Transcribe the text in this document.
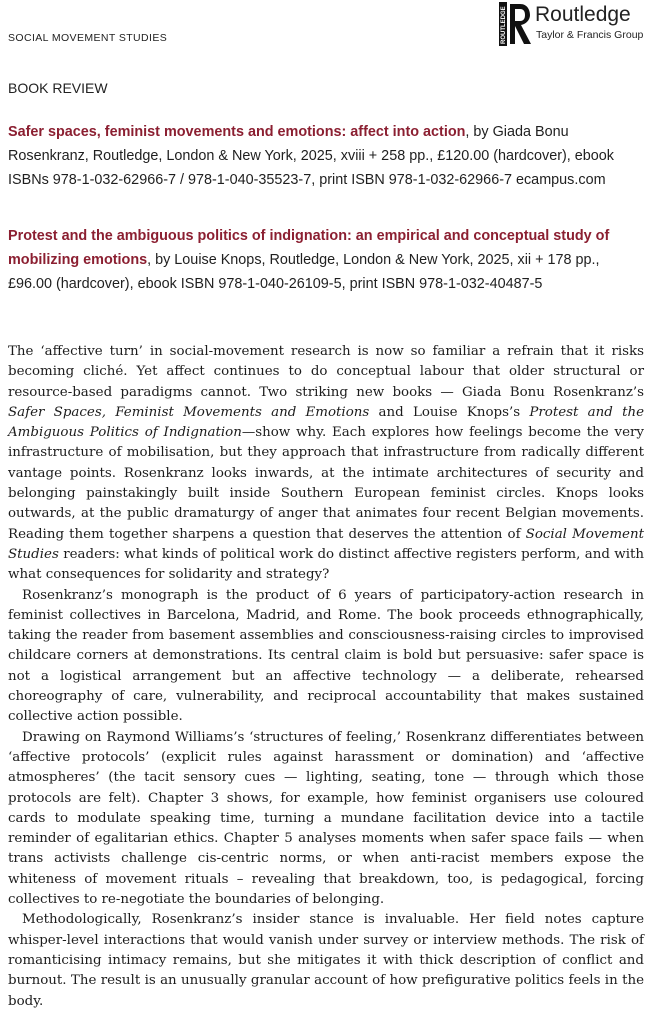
SOCIAL MOVEMENT STUDIES	ROUTLEDGE Routledge
Taylor & Francis Group
BOOK REVIEW
Safer spaces, feminist movements and emotions: affect into action, by Giada Bonu Rosenkranz, Routledge, London & New York, 2025, xviii + 258 pp., £120.00 (hardcover), ebook ISBNs 978-1-032-62966-7 / 978-1-040-35523-7, print ISBN 978-1-032-62966-7 ecampus.com
Protest and the ambiguous politics of indignation: an empirical and conceptual study of mobilizing emotions, by Louise Knops, Routledge, London & New York, 2025, xii + 178 pp., £96.00 (hardcover), ebook ISBN 978-1-040-26109-5, print ISBN 978-1-032-40487-5

The ‘affective turn’ in social-movement research is now so familiar a refrain that it risks becoming cliché. Yet affect continues to do conceptual labour that older structural or resource-based paradigms cannot. Two striking new books — Giada Bonu Rosenkranz’s Safer Spaces, Feminist Movements and Emotions and Louise Knops’s Protest and the Ambiguous Politics of Indignation—show why. Each explores how feelings become the very infrastructure of mobilisation, but they approach that infrastructure from radically different vantage points. Rosenkranz looks inwards, at the intimate architectures of security and belonging painstakingly built inside Southern European feminist circles. Knops looks outwards, at the public dramaturgy of anger that animates four recent Belgian movements. Reading them together sharpens a question that deserves the attention of Social Movement Studies readers: what kinds of political work do distinct affective registers perform, and with what consequences for solidarity and strategy?

Rosenkranz’s monograph is the product of 6 years of participatory-action research in feminist collectives in Barcelona, Madrid, and Rome. The book proceeds ethnographically, taking the reader from basement assemblies and consciousness-raising circles to improvised childcare corners at demonstrations. Its central claim is bold but persuasive: safer space is not a logistical arrangement but an affective technology — a deliberate, rehearsed choreography of care, vulnerability, and reciprocal accountability that makes sustained collective action possible.

Drawing on Raymond Williams’s ‘structures of feeling,’ Rosenkranz differentiates between ‘affective protocols’ (explicit rules against harassment or domination) and ‘affective atmospheres’ (the tacit sensory cues — lighting, seating, tone — through which those protocols are felt). Chapter 3 shows, for example, how feminist organisers use coloured cards to modulate speaking time, turning a mundane facilitation device into a tactile reminder of egalitarian ethics. Chapter 5 analyses moments when safer space fails — when trans activists challenge cis-centric norms, or when anti-racist members expose the whiteness of movement rituals – revealing that breakdown, too, is pedagogical, forcing collectives to re-negotiate the boundaries of belonging.

Methodologically, Rosenkranz’s insider stance is invaluable. Her field notes capture whisper-level interactions that would vanish under survey or interview methods. The risk of romanticising intimacy remains, but she mitigates it with thick description of conflict and burnout. The result is an unusually granular account of how prefigurative politics feels in the body.
